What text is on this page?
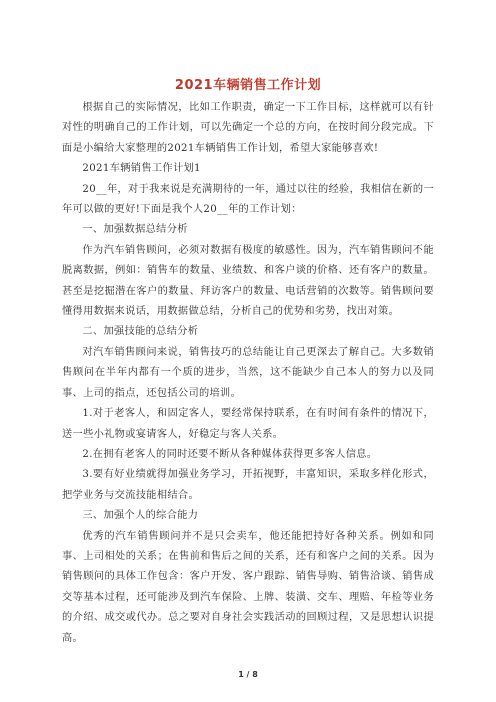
2021车辆销售工作计划

根据自己的实际情况，比如工作职责，确定一下工作目标，这样就可以有针对性的明确自己的工作计划，可以先确定一个总的方向，在按时间分段完成。下面是小编给大家整理的2021车辆销售工作计划，希望大家能够喜欢!

2021车辆销售工作计划1

20__年，对于我来说是充满期待的一年，通过以往的经验，我相信在新的一年可以做的更好!下面是我个人20__年的工作计划：

一、加强数据总结分析

作为汽车销售顾问，必须对数据有极度的敏感性。因为，汽车销售顾问不能脱离数据，例如：销售车的数量、业绩数、和客户谈的价格、还有客户的数量。甚至是挖掘潜在客户的数量、拜访客户的数量、电话营销的次数等。销售顾问要懂得用数据来说话，用数据做总结，分析自己的优势和劣势，找出对策。

二、加强技能的总结分析

对汽车销售顾问来说，销售技巧的总结能让自己更深去了解自己。大多数销售顾问在半年内都有一个质的进步，当然，这不能缺少自己本人的努力以及同事、上司的指点，还包括公司的培训。

1.对于老客人，和固定客人，要经常保持联系，在有时间有条件的情况下，送一些小礼物或宴请客人，好稳定与客人关系。

2.在拥有老客人的同时还要不断从各种媒体获得更多客人信息。

3.要有好业绩就得加强业务学习，开拓视野，丰富知识，采取多样化形式，把学业务与交流技能相结合。

三、加强个人的综合能力

优秀的汽车销售顾问并不是只会卖车，他还能把持好各种关系。例如和同事、上司相处的关系；在售前和售后之间的关系，还有和客户之间的关系。因为销售顾问的具体工作包含：客户开发、客户跟踪、销售导购、销售洽谈、销售成交等基本过程，还可能涉及到汽车保险、上牌、装潢、交车、理赔、年检等业务的介绍、成交或代办。总之要对自身社会实践活动的回顾过程，又是思想认识提高。

1 / 8
